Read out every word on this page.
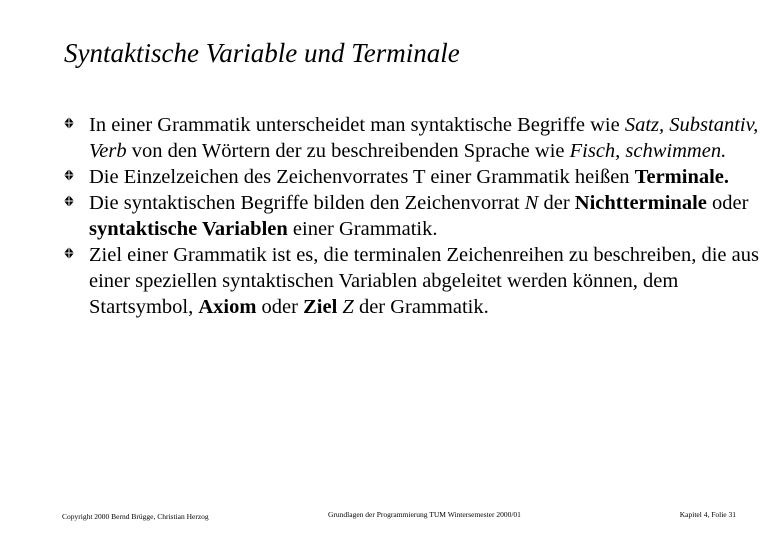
Syntaktische Variable und Terminale
In einer Grammatik unterscheidet man syntaktische Begriffe wie Satz, Substantiv, Verb von den Wörtern der zu beschreibenden Sprache wie Fisch, schwimmen.
Die Einzelzeichen des Zeichenvorrates T einer Grammatik heißen Terminale.
Die syntaktischen Begriffe bilden den Zeichenvorrat N der Nichtterminale oder syntaktische Variablen einer Grammatik.
Ziel einer Grammatik ist es, die terminalen Zeichenreihen zu beschreiben, die aus einer speziellen syntaktischen Variablen abgeleitet werden können, dem Startsymbol, Axiom oder Ziel Z der Grammatik.
Copyright 2000 Bernd Brügge, Christian Herzog	Grundlagen der Programmierung TUM Wintersemester 2000/01	Kapitel 4, Folie 31
